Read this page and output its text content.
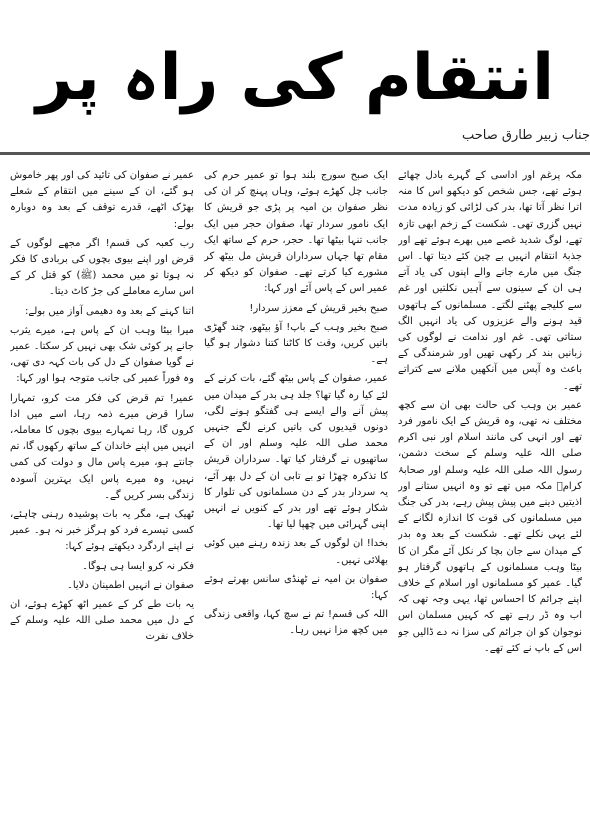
انتقام کی راہ پر
جناب زبیر طارق صاحب

مکہ پرغم اور اداسی کے گہرے بادل چھائے ہوئے تھے، جس شخص کو دیکھو اس کا منہ اترا نظر آتا تھا، بدر کی لڑائی کو زیادہ مدت نہیں گزری تھی۔ شکست کے زخم ابھی تازہ تھے، لوگ شدید غصے میں بھرے ہوئے تھے اور جذبۂ انتقام انہیں بے چین کئے دیتا تھا۔ اس جنگ میں مارے جانے والے اپنوں کی یاد آتے ہی ان کے سینوں سے آہیں نکلتیں اور غم سے کلیجے پھٹنے لگتے۔ مسلمانوں کے ہاتھوں قید ہونے والے عزیزوں کی یاد انہیں الگ ستاتی تھی۔ غم اور ندامت نے لوگوں کی زبانیں بند کر رکھی تھیں اور شرمندگی کے باعث وہ آپس میں آنکھیں ملانے سے کتراتے تھے۔

عمیر بن وہب کی حالت بھی ان سے کچھ مختلف نہ تھی، وہ قریش کے ایک نامور فرد تھے اور انہی کی مانند اسلام اور نبی اکرم صلی اللہ علیہ وسلم کے سخت دشمن، رسول اللہ صلی اللہ علیہ وسلم اور صحابۂ کرامؓ مکہ میں تھے تو وہ انہیں ستانے اور اذیتیں دینے میں پیش پیش رہے، بدر کی جنگ میں مسلمانوں کی قوت کا اندازہ لگانے کے لئے یہی نکلے تھے۔ شکست کے بعد وہ بدر کے میدان سے جان بچا کر نکل آئے مگر ان کا بیٹا وہب مسلمانوں کے ہاتھوں گرفتار ہو گیا۔ عمیر کو مسلمانوں اور اسلام کے خلاف اپنے جرائم کا احساس تھا، یہی وجہ تھی کہ اب وہ ڈر رہے تھے کہ کہیں مسلمان اس نوجوان کو ان جرائم کی سزا نہ دے ڈالیں جو اس کے باپ نے کئے تھے۔

ایک صبح سورج بلند ہوا تو عمیر حرم کی جانب چل کھڑے ہوئے، وہاں پہنچ کر ان کی نظر صفوان بن امیہ پر پڑی جو قریش کا ایک نامور سردار تھا، صفوان حجر میں ایک جانب تنہا بیٹھا تھا۔ حجر، حرم کے ساتھ ایک مقام تھا جہاں سرداران قریش مل بیٹھ کر مشورے کیا کرتے تھے۔ صفوان کو دیکھ کر عمیر اس کے پاس آئے اور کہا:

صبح بخیر قریش کے معزز سردار!

صبح بخیر وہب کے باپ! آؤ بیٹھو، چند گھڑی باتیں کریں، وقت کا کاٹنا کتنا دشوار ہو گیا ہے۔

عمیر، صفوان کے پاس بیٹھ گئے، بات کرنے کے لئے کیا رہ گیا تھا؟ جلد ہی بدر کے میدان میں پیش آنے والے ایسے ہی گفتگو ہونے لگی، دونوں قیدیوں کی باتیں کرنے لگے جنہیں محمد صلی اللہ علیہ وسلم اور ان کے ساتھیوں نے گرفتار کیا تھا۔ سرداران قریش کا تذکرہ چھڑا تو بے تابی ان کے دل بھر آئے، یہ سردار بدر کے دن مسلمانوں کی تلوار کا شکار ہوئے تھے اور بدر کے کنویں نے انہیں اپنی گہرائی میں چھپا لیا تھا۔

بخدا! ان لوگوں کے بعد زندہ رہنے میں کوئی بھلائی نہیں۔

صفوان بن امیہ نے ٹھنڈی سانس بھرتے ہوئے کہا:

اللہ کی قسم! تم نے سچ کہا، واقعی زندگی میں کچھ مزا نہیں رہا۔

عمیر نے صفوان کی تائید کی اور پھر خاموش ہو گئے، ان کے سینے میں انتقام کے شعلے بھڑک اٹھے، قدرے توقف کے بعد وہ دوبارہ بولے:

رب کعبہ کی قسم! اگر مجھے لوگوں کے قرض اور اپنے بیوی بچوں کی بربادی کا فکر نہ ہوتا تو میں محمد (ﷺ) کو قتل کر کے اس سارے معاملے کی جڑ کاٹ دیتا۔

اتنا کہنے کے بعد وہ دھیمی آواز میں بولے:

میرا بیٹا وہب ان کے پاس ہے، میرے یثرب جانے پر کوئی شک بھی نہیں کر سکتا۔ عمیر نے گویا صفوان کے دل کی بات کہہ دی تھی، وہ فوراً عمیر کی جانب متوجہ ہوا اور کہا:

عمیر! تم قرض کی فکر مت کرو، تمہارا سارا قرض میرے ذمہ رہا، اسے میں ادا کروں گا، رہا تمہارے بیوی بچوں کا معاملہ، انہیں میں اپنے خاندان کے ساتھ رکھوں گا، تم جانتے ہو، میرے پاس مال و دولت کی کمی نہیں، وہ میرے پاس ایک بہترین آسودہ زندگی بسر کریں گے۔

ٹھیک ہے، مگر یہ بات پوشیدہ رہنی چاہئے، کسی تیسرے فرد کو ہرگز خبر نہ ہو۔ عمیر نے اپنے اردگرد دیکھتے ہوئے کہا:

فکر نہ کرو ایسا ہی ہوگا۔

صفوان نے انہیں اطمینان دلایا۔

یہ بات طے کر کے عمیر اٹھ کھڑے ہوئے، ان کے دل میں محمد صلی اللہ علیہ وسلم کے خلاف نفرت
